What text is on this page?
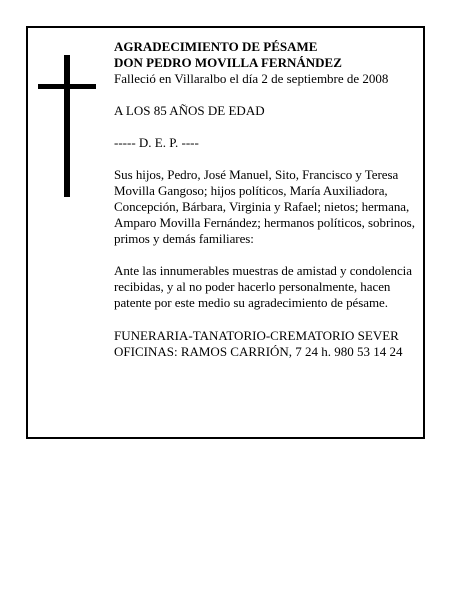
AGRADECIMIENTO DE PÉSAME

DON PEDRO MOVILLA FERNÁNDEZ

Falleció en Villaralbo el día 2 de septiembre de 2008

A LOS 85 AÑOS DE EDAD

----- D. E. P. ----

Sus hijos, Pedro, José Manuel, Sito, Francisco y Teresa Movilla Gangoso; hijos políticos, María Auxiliadora, Concepción, Bárbara, Virginia y Rafael; nietos; hermana, Amparo Movilla Fernández; hermanos políticos, sobrinos, primos y demás familiares:

Ante las innumerables muestras de amistad y condolencia recibidas, y al no poder hacerlo personalmente, hacen patente por este medio su agradecimiento de pésame.

FUNERARIA-TANATORIO-CREMATORIO SEVER

OFICINAS: RAMOS CARRIÓN, 7 24 h. 980 53 14 24
